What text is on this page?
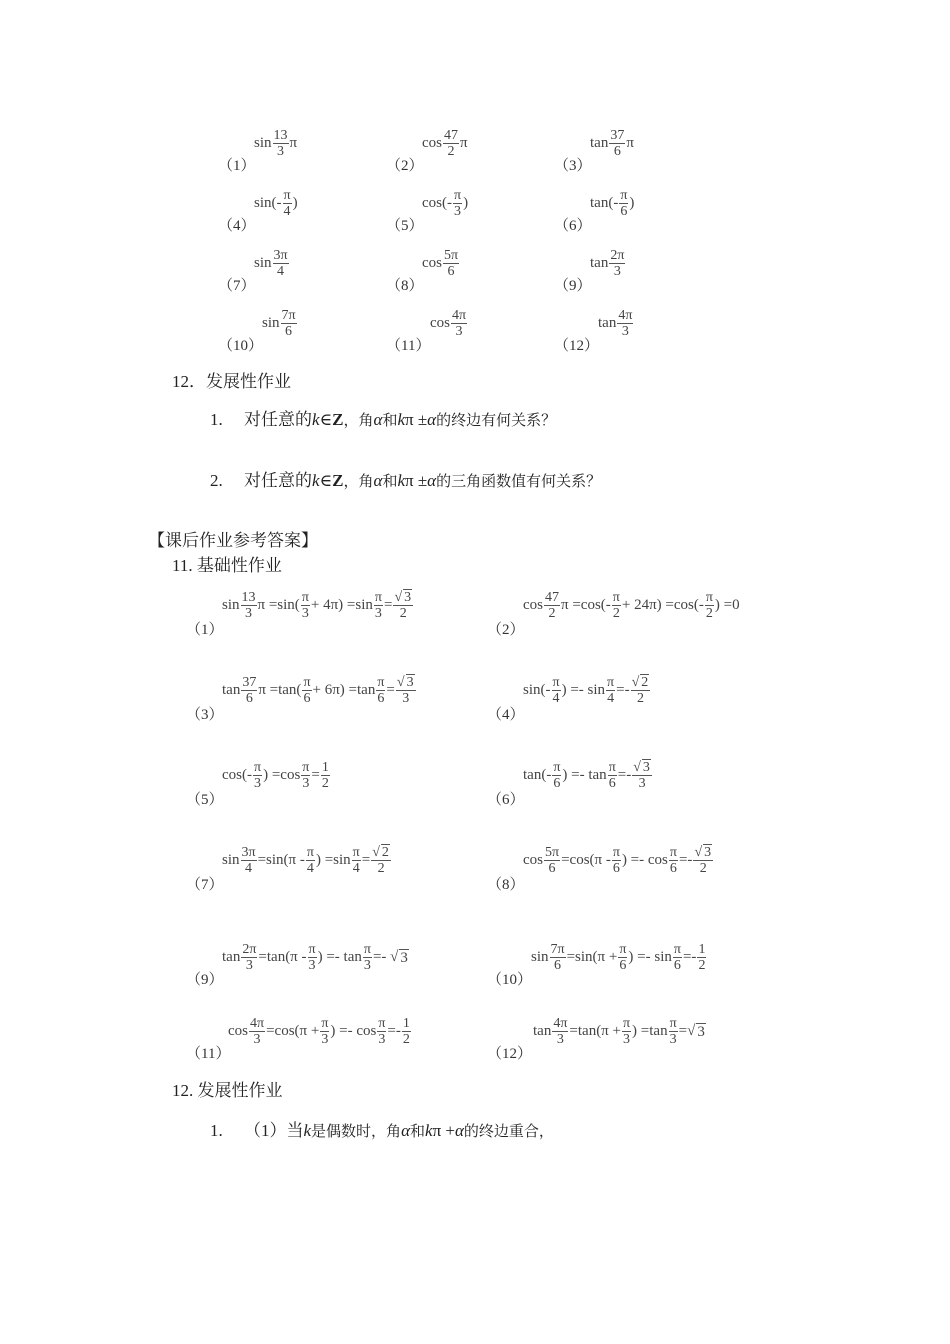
（1）
$\sin \frac{13}{3}$ π
（2）
$\cos \frac{47}{2}$ π
（3）
$\tan \frac{37}{6}$ π
（4）
$\sin(- \frac{\pi}{4}$ )
（5）
$\cos(- \frac{\pi}{3}$ )
（6）
$\tan(- \frac{\pi}{6}$ )
（7）
$\sin \frac{3\pi}{4}$
（8）
$\cos \frac{5\pi}{6}$
（9）
$\tan \frac{2\pi}{3}$
（10）
$\sin \frac{7\pi}{6}$
（11）
$\cos \frac{4\pi}{3}$
（12）
$\tan \frac{4\pi}{3}$
12．发展性作业
1. 对任意的k∈Z，角α和kπ ±α的终边有何关系？
2. 对任意的k∈Z，角α和kπ ±α的三角函数值有何关系？
【课后作业参考答案】
11. 基础性作业
（1）
$\sin \frac{13}{3}$ $\pi =\sin( \frac{\pi}{3} + 4\pi) =\sin \frac{\pi}{3} = \frac{√ 3}{2}$
（2）
$\cos \frac{47}{2}$ $\pi =\cos(- \frac{\pi}{2} + 24\pi) =\cos(- \frac{\pi}{2}$ ) =0
（3）
$\tan \frac{37}{6}$ $\pi =\tan( \frac{\pi}{6} + 6\pi) =\tan \frac{\pi}{6} = \frac{√ 3}{3}$
（4）
$\sin(- \frac{\pi}{4}$ ) =- $\sin \frac{\pi}{4} =- \frac{√ 2}{2}$
（5）
$\cos(- \frac{\pi}{3}$ ) $=\cos \frac{\pi}{3} = \frac{1}{2}$
（6）
$\tan(- \frac{\pi}{6}$ ) =- $\tan \frac{\pi}{6} =- \frac{√ 3}{3}$
（7）
$\sin \frac{3\pi}{4} =\sin(\pi - \frac{\pi}{4}$ ) $=\sin \frac{\pi}{4} = \frac{√ 2}{2}$
（8）
$\cos \frac{5\pi}{6} =\cos(\pi - \frac{\pi}{6}$ ) =- $\cos \frac{\pi}{6} =- \frac{√ 3}{2}$
（9）
$\tan \frac{2\pi}{3} =\tan(\pi - \frac{\pi}{3}$ ) =- $\tan \frac{\pi}{3}$ =- √ 3
（10）
$\sin \frac{7\pi}{6} =\sin(\pi + \frac{\pi}{6}$ ) =- $\sin \frac{\pi}{6} =- \frac{1}{2}$
（11）
$\cos \frac{4\pi}{3} =\cos(\pi + \frac{\pi}{3}$ ) =- $\cos \frac{\pi}{3} =- \frac{1}{2}$
（12）
$\tan \frac{4\pi}{3} =\tan(\pi + \frac{\pi}{3}$ ) $=\tan \frac{\pi}{3}$ =√ 3
12. 发展性作业
1. （1）当k是偶数时，角α和kπ +α的终边重合，
